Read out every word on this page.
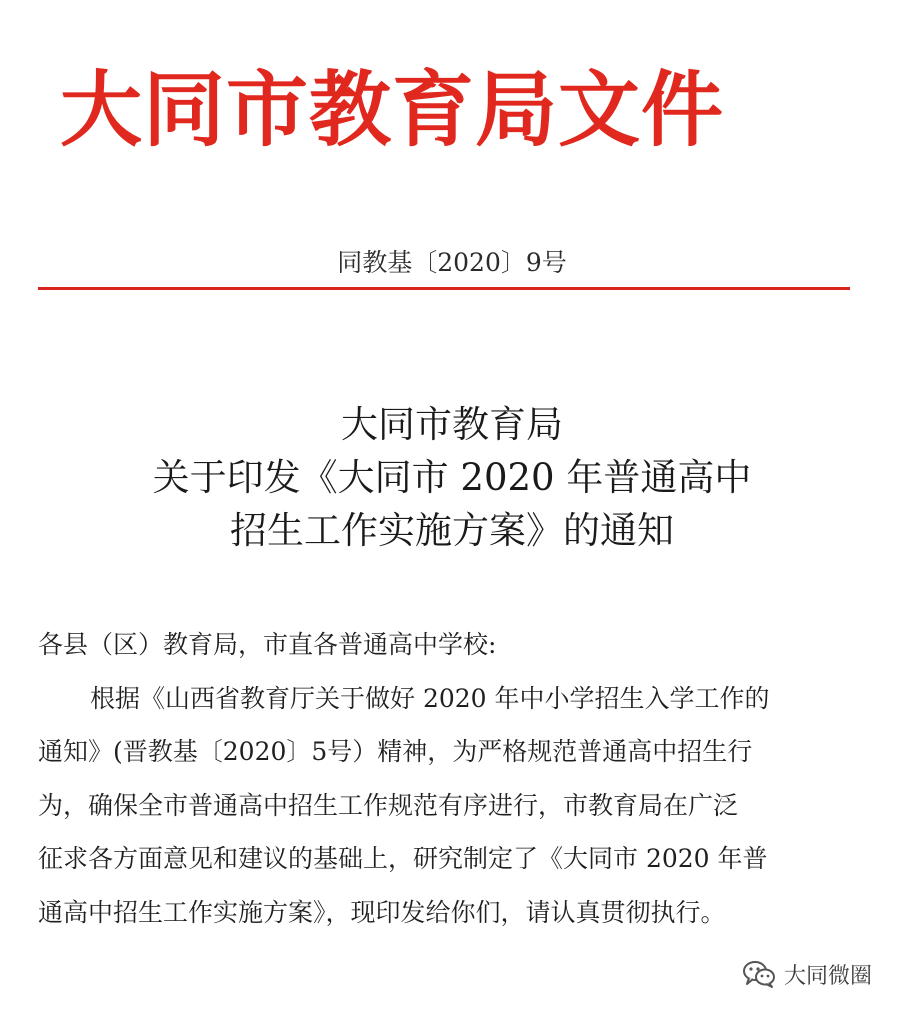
大同市教育局文件
同教基〔2020〕9号
大同市教育局
关于印发《大同市 2020 年普通高中
招生工作实施方案》的通知
各县（区）教育局，市直各普通高中学校:
根据《山西省教育厅关于做好 2020 年中小学招生入学工作的
通知》(晋教基〔2020〕5号）精神，为严格规范普通高中招生行
为，确保全市普通高中招生工作规范有序进行，市教育局在广泛
征求各方面意见和建议的基础上，研究制定了《大同市 2020 年普
通高中招生工作实施方案》，现印发给你们，请认真贯彻执行。
大同微圈
